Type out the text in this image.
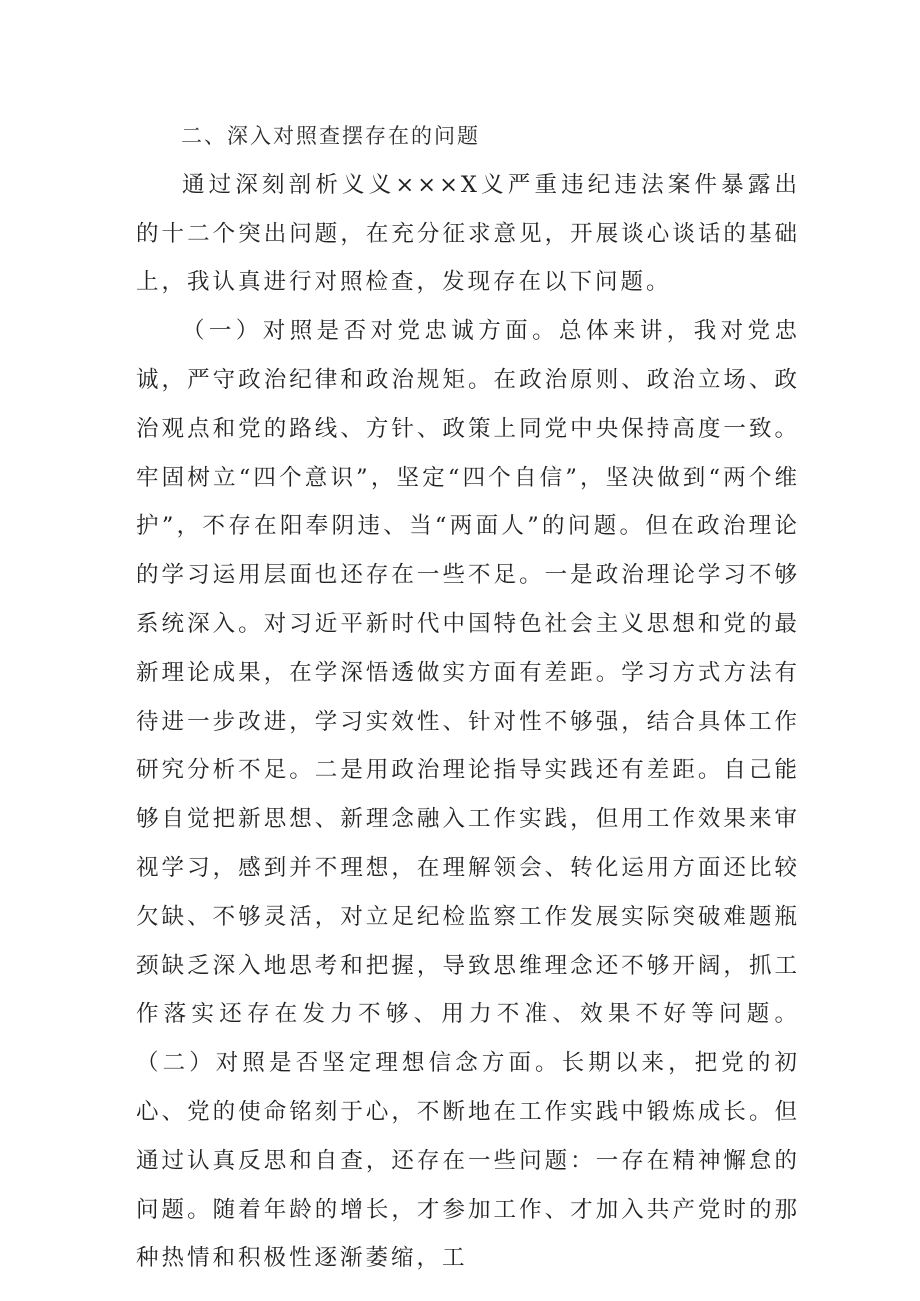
二、深入对照查摆存在的问题

通过深刻剖析义义×××X义严重违纪违法案件暴露出的十二个突出问题，在充分征求意见，开展谈心谈话的基础上，我认真进行对照检查，发现存在以下问题。

（一）对照是否对党忠诚方面。总体来讲，我对党忠诚，严守政治纪律和政治规矩。在政治原则、政治立场、政治观点和党的路线、方针、政策上同党中央保持高度一致。牢固树立“四个意识”，坚定“四个自信”，坚决做到“两个维护”，不存在阳奉阴违、当“两面人”的问题。但在政治理论的学习运用层面也还存在一些不足。一是政治理论学习不够系统深入。对习近平新时代中国特色社会主义思想和党的最新理论成果，在学深悟透做实方面有差距。学习方式方法有待进一步改进，学习实效性、针对性不够强，结合具体工作研究分析不足。二是用政治理论指导实践还有差距。自己能够自觉把新思想、新理念融入工作实践，但用工作效果来审视学习，感到并不理想，在理解领会、转化运用方面还比较欠缺、不够灵活，对立足纪检监察工作发展实际突破难题瓶颈缺乏深入地思考和把握，导致思维理念还不够开阔，抓工作落实还存在发力不够、用力不准、效果不好等问题。（二）对照是否坚定理想信念方面。长期以来，把党的初心、党的使命铭刻于心，不断地在工作实践中锻炼成长。但通过认真反思和自查，还存在一些问题：一存在精神懈怠的问题。随着年龄的增长，才参加工作、才加入共产党时的那种热情和积极性逐渐萎缩，工
